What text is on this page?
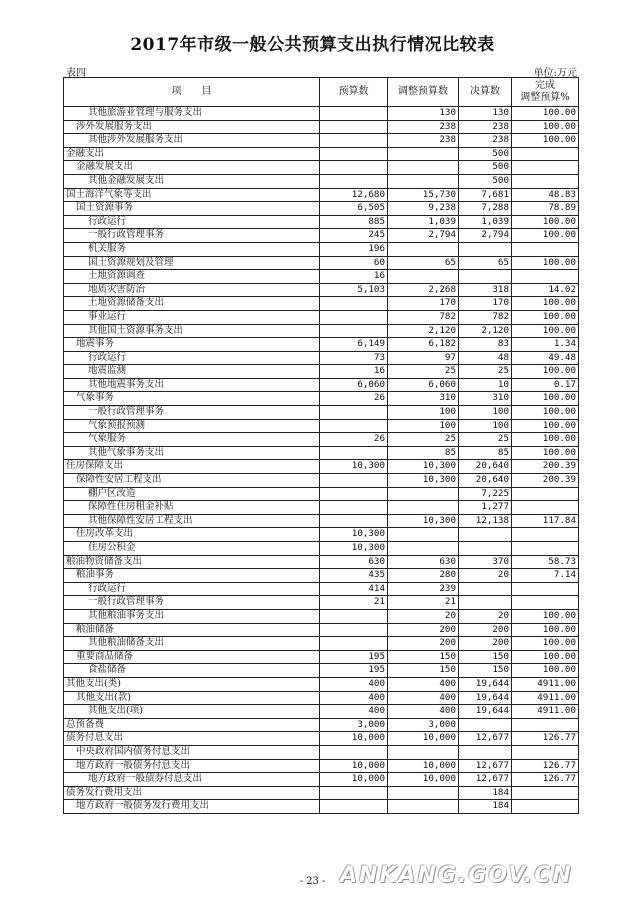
2017年市级一般公共预算支出执行情况比较表
表四	单位:万元
项　　目	预算数	调整预算数	决算数	完成
调整预算%

其他旅游业管理与服务支出		130	130	100.00
涉外发展服务支出		238	238	100.00
其他涉外发展服务支出		238	238	100.00
金融支出			500	
金融发展支出			500	
其他金融发展支出			500	
国土海洋气象等支出	12,680	15,730	7,681	48.83
国土资源事务	6,505	9,238	7,288	78.89
行政运行	885	1,039	1,039	100.00
一般行政管理事务	245	2,794	2,794	100.00
机关服务	196			
国土资源规划及管理	60	65	65	100.00
土地资源调查	16			
地质灾害防治	5,103	2,268	318	14.02
土地资源储备支出		170	170	100.00
事业运行		782	782	100.00
其他国土资源事务支出		2,120	2,120	100.00
地震事务	6,149	6,182	83	1.34
行政运行	73	97	48	49.48
地震监测	16	25	25	100.00
其他地震事务支出	6,060	6,060	10	0.17
气象事务	26	310	310	100.00
一般行政管理事务		100	100	100.00
气象预报预测		100	100	100.00
气象服务	26	25	25	100.00
其他气象事务支出		85	85	100.00
住房保障支出	10,300	10,300	20,640	200.39
保障性安居工程支出		10,300	20,640	200.39
棚户区改造			7,225	
保障性住房租金补贴			1,277	
其他保障性安居工程支出		10,300	12,138	117.84
住房改革支出	10,300			
住房公积金	10,300			
粮油物资储备支出	630	630	370	58.73
粮油事务	435	280	20	7.14
行政运行	414	239		
一般行政管理事务	21	21		
其他粮油事务支出		20	20	100.00
粮油储备		200	200	100.00
其他粮油储备支出		200	200	100.00
重要商品储备	195	150	150	100.00
食盐储备	195	150	150	100.00
其他支出(类)	400	400	19,644	4911.00
其他支出(款)	400	400	19,644	4911.00
其他支出(项)	400	400	19,644	4911.00
总预备费	3,000	3,000		
债务付息支出	10,000	10,000	12,677	126.77
中央政府国内债务付息支出				
地方政府一般债务付息支出	10,000	10,000	12,677	126.77
地方政府一般债券付息支出	10,000	10,000	12,677	126.77
债务发行费用支出			184	
地方政府一般债务发行费用支出			184	
ANKANG.GOV.CN
- 23 -
